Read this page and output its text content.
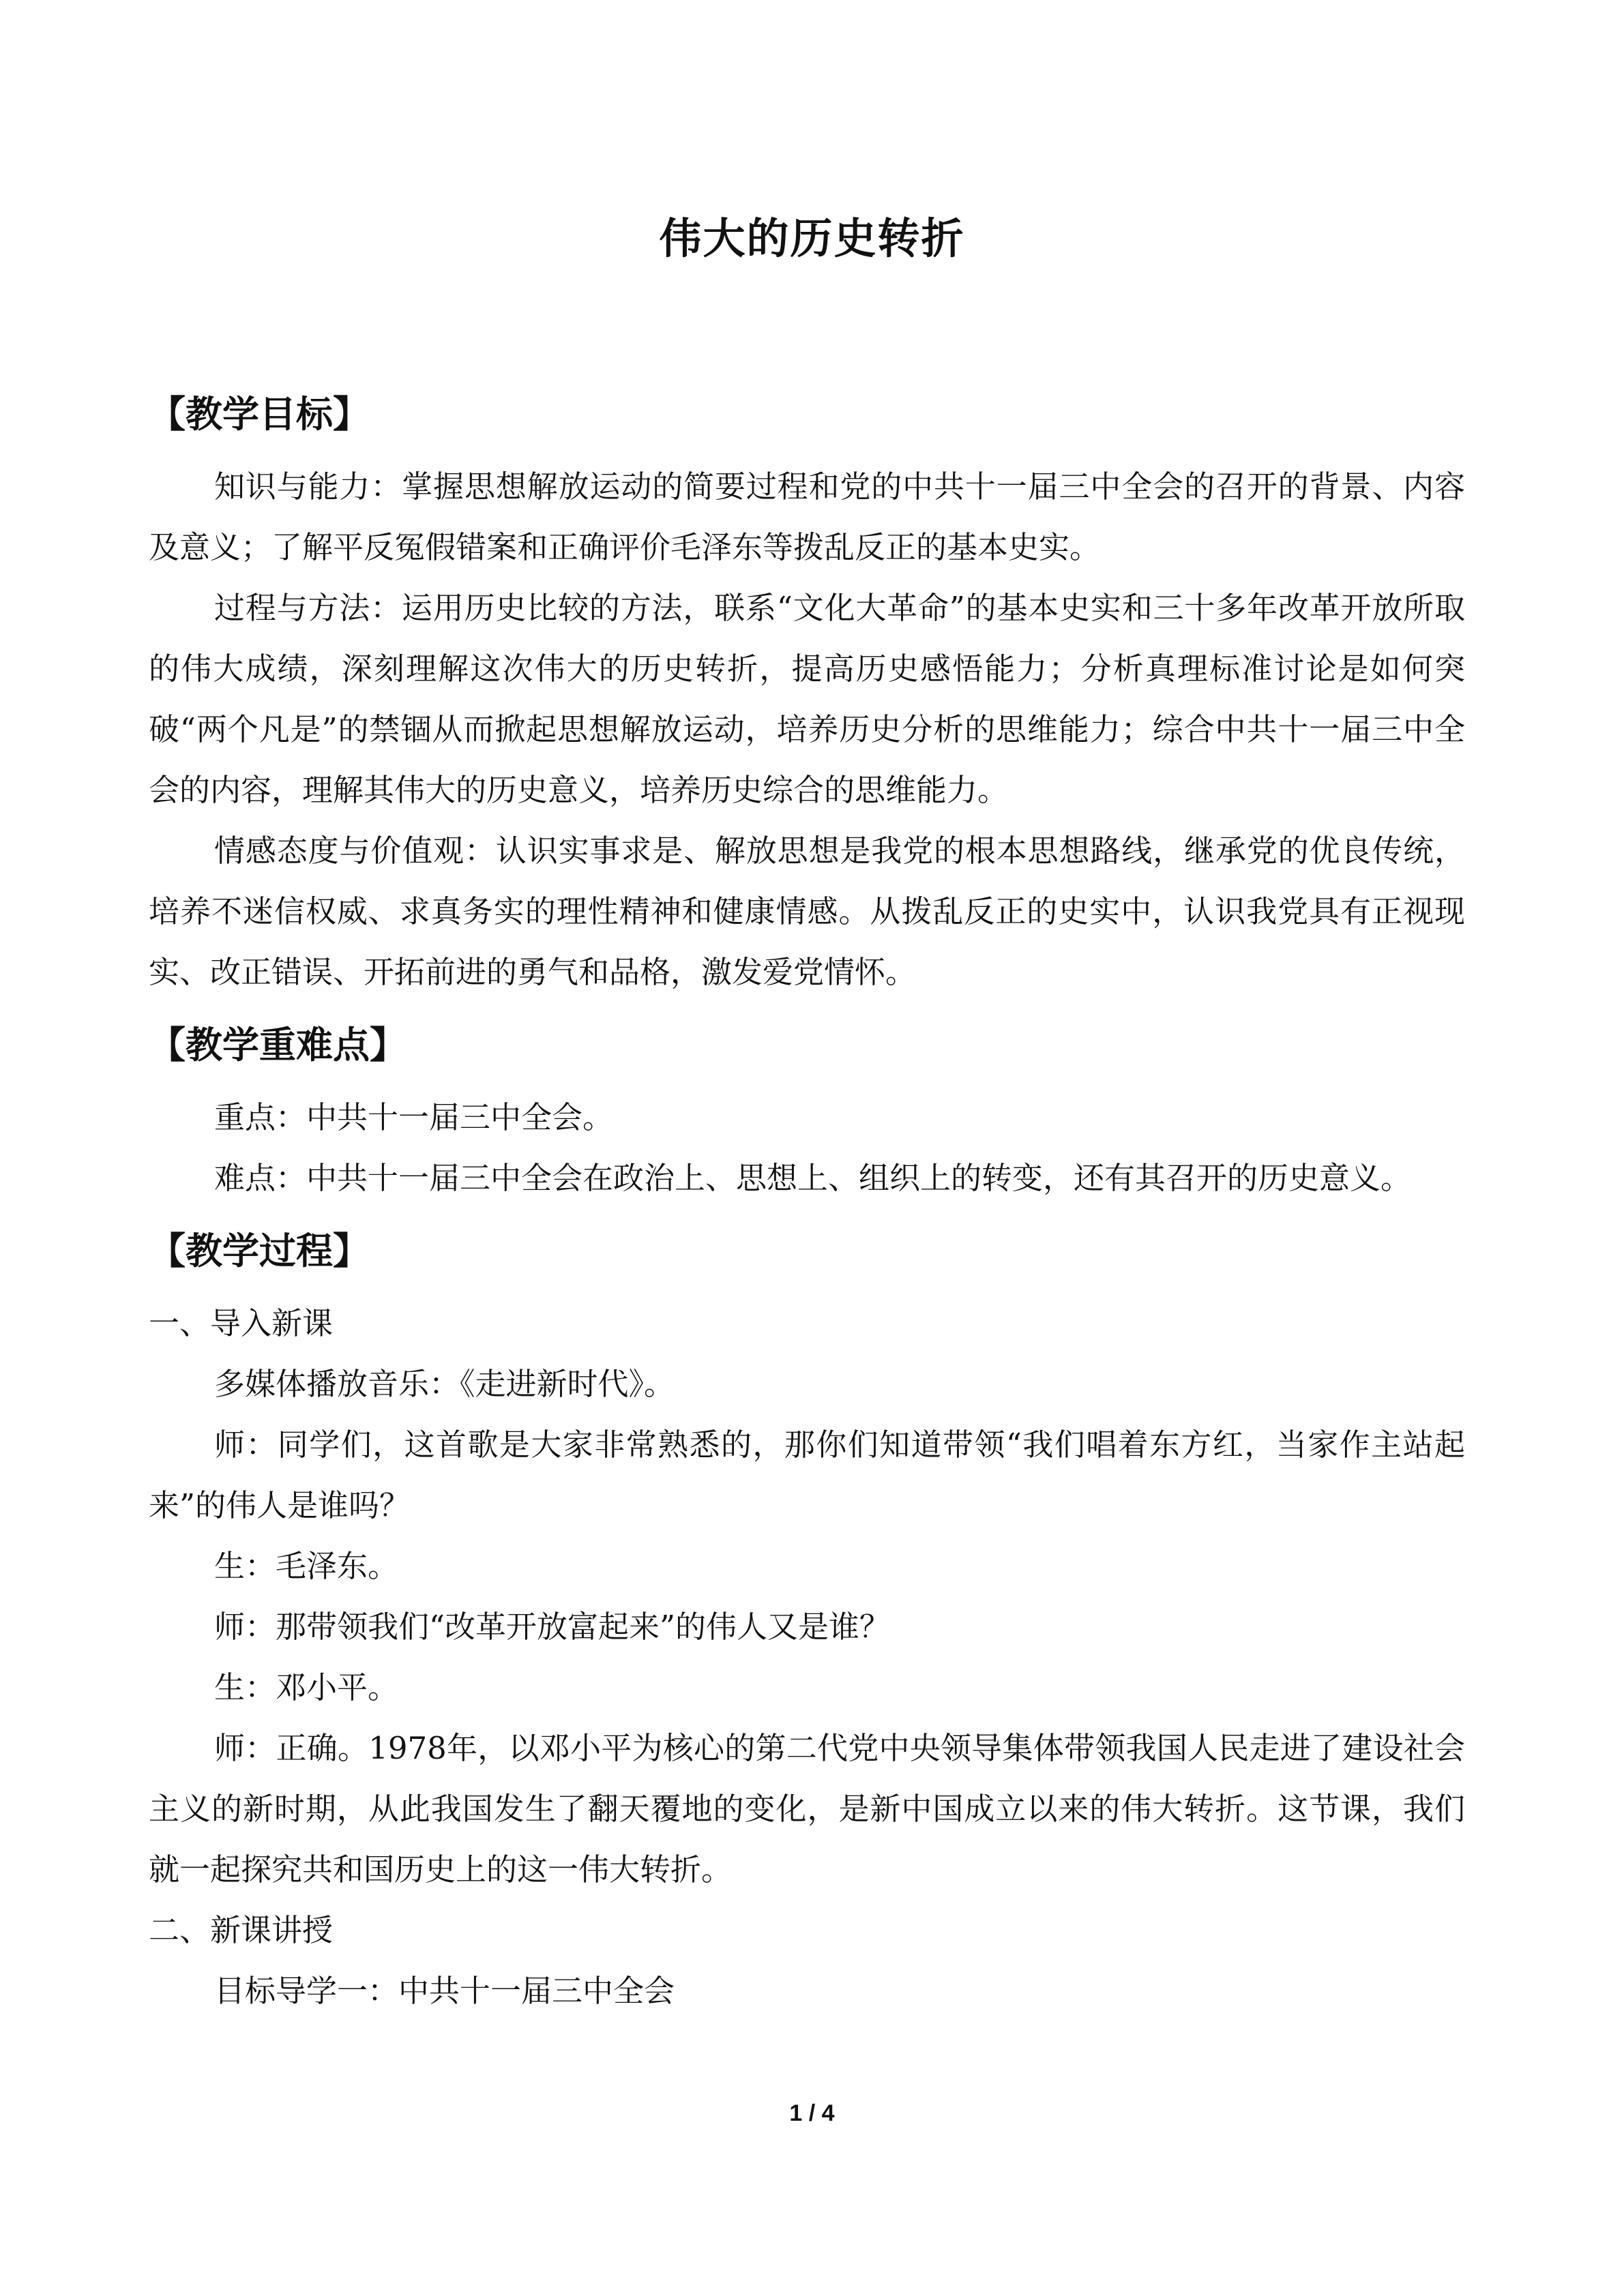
伟大的历史转折
【教学目标】

知识与能力：掌握思想解放运动的简要过程和党的中共十一届三中全会的召开的背景、内容及意义；了解平反冤假错案和正确评价毛泽东等拨乱反正的基本史实。

过程与方法：运用历史比较的方法，联系“文化大革命”的基本史实和三十多年改革开放所取的伟大成绩，深刻理解这次伟大的历史转折，提高历史感悟能力；分析真理标准讨论是如何突破“两个凡是”的禁锢从而掀起思想解放运动，培养历史分析的思维能力；综合中共十一届三中全会的内容，理解其伟大的历史意义，培养历史综合的思维能力。

情感态度与价值观：认识实事求是、解放思想是我党的根本思想路线，继承党的优良传统，培养不迷信权威、求真务实的理性精神和健康情感。从拨乱反正的史实中，认识我党具有正视现实、改正错误、开拓前进的勇气和品格，激发爱党情怀。

【教学重难点】

重点：中共十一届三中全会。

难点：中共十一届三中全会在政治上、思想上、组织上的转变，还有其召开的历史意义。

【教学过程】

一、导入新课

多媒体播放音乐：《走进新时代》。

师：同学们，这首歌是大家非常熟悉的，那你们知道带领“我们唱着东方红，当家作主站起来”的伟人是谁吗？

生：毛泽东。

师：那带领我们“改革开放富起来”的伟人又是谁？

生：邓小平。

师：正确。1978年，以邓小平为核心的第二代党中央领导集体带领我国人民走进了建设社会主义的新时期，从此我国发生了翻天覆地的变化，是新中国成立以来的伟大转折。这节课，我们就一起探究共和国历史上的这一伟大转折。

二、新课讲授

目标导学一：中共十一届三中全会

1 / 4
